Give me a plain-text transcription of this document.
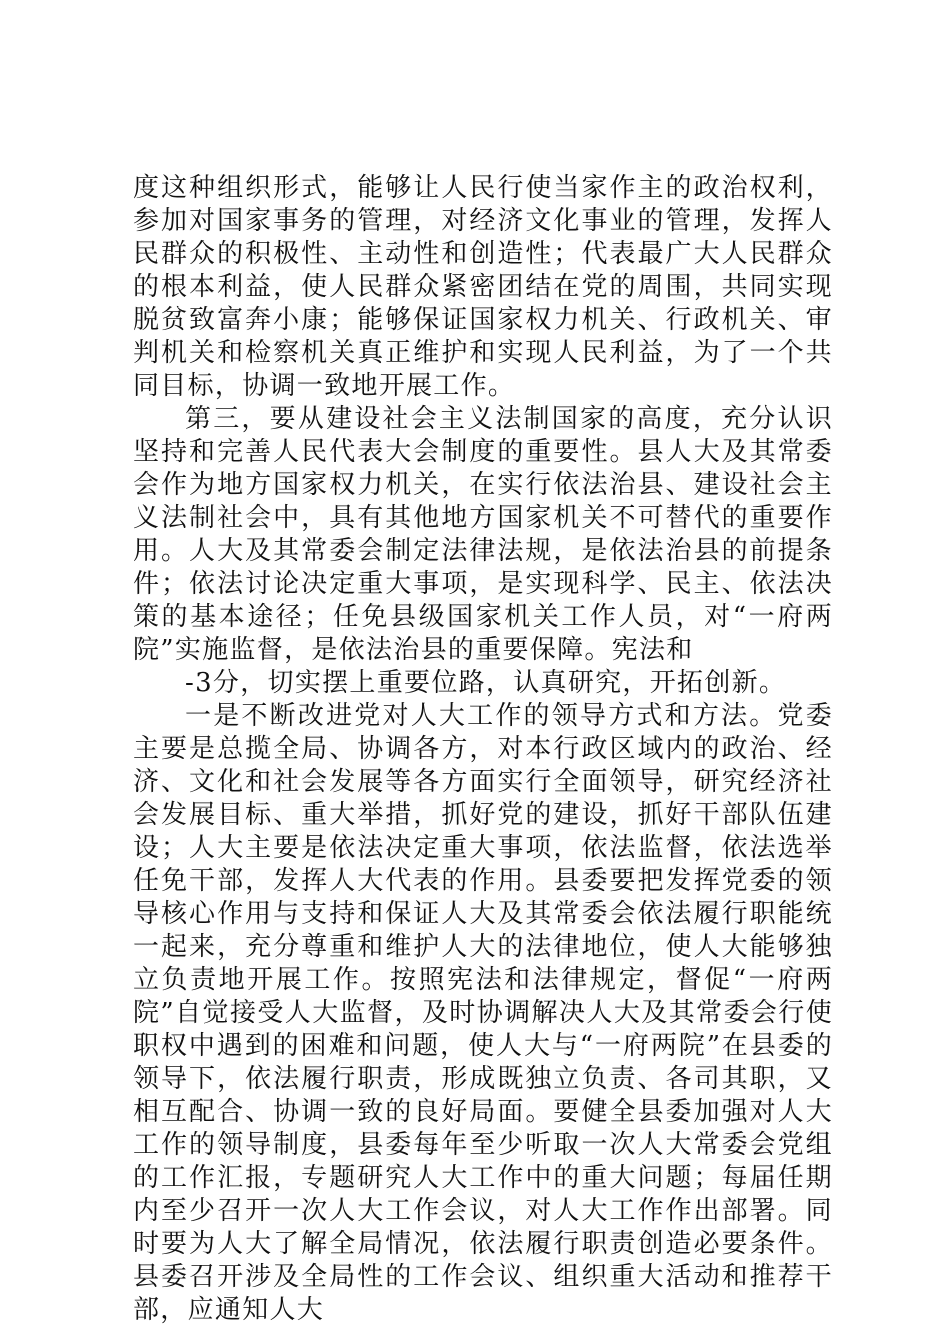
度这种组织形式，能够让人民行使当家作主的政治权利，参加对国家事务的管理，对经济文化事业的管理，发挥人民群众的积极性、主动性和创造性；代表最广大人民群众的根本利益，使人民群众紧密团结在党的周围，共同实现脱贫致富奔小康；能够保证国家权力机关、行政机关、审判机关和检察机关真正维护和实现人民利益，为了一个共同目标，协调一致地开展工作。

第三，要从建设社会主义法制国家的高度，充分认识坚持和完善人民代表大会制度的重要性。县人大及其常委会作为地方国家权力机关，在实行依法治县、建设社会主义法制社会中，具有其他地方国家机关不可替代的重要作用。人大及其常委会制定法律法规，是依法治县的前提条件；依法讨论决定重大事项，是实现科学、民主、依法决策的基本途径；任免县级国家机关工作人员，对“一府两院”实施监督，是依法治县的重要保障。宪法和

-3分，切实摆上重要位路，认真研究，开拓创新。

一是不断改进党对人大工作的领导方式和方法。党委主要是总揽全局、协调各方，对本行政区域内的政治、经济、文化和社会发展等各方面实行全面领导，研究经济社会发展目标、重大举措，抓好党的建设，抓好干部队伍建设；人大主要是依法决定重大事项，依法监督，依法选举任免干部，发挥人大代表的作用。县委要把发挥党委的领导核心作用与支持和保证人大及其常委会依法履行职能统一起来，充分尊重和维护人大的法律地位，使人大能够独立负责地开展工作。按照宪法和法律规定，督促“一府两院”自觉接受人大监督，及时协调解决人大及其常委会行使职权中遇到的困难和问题，使人大与“一府两院”在县委的领导下，依法履行职责，形成既独立负责、各司其职，又相互配合、协调一致的良好局面。要健全县委加强对人大工作的领导制度，县委每年至少听取一次人大常委会党组的工作汇报，专题研究人大工作中的重大问题；每届任期内至少召开一次人大工作会议，对人大工作作出部署。同时要为人大了解全局情况，依法履行职责创造必要条件。县委召开涉及全局性的工作会议、组织重大活动和推荐干部，应通知人大
